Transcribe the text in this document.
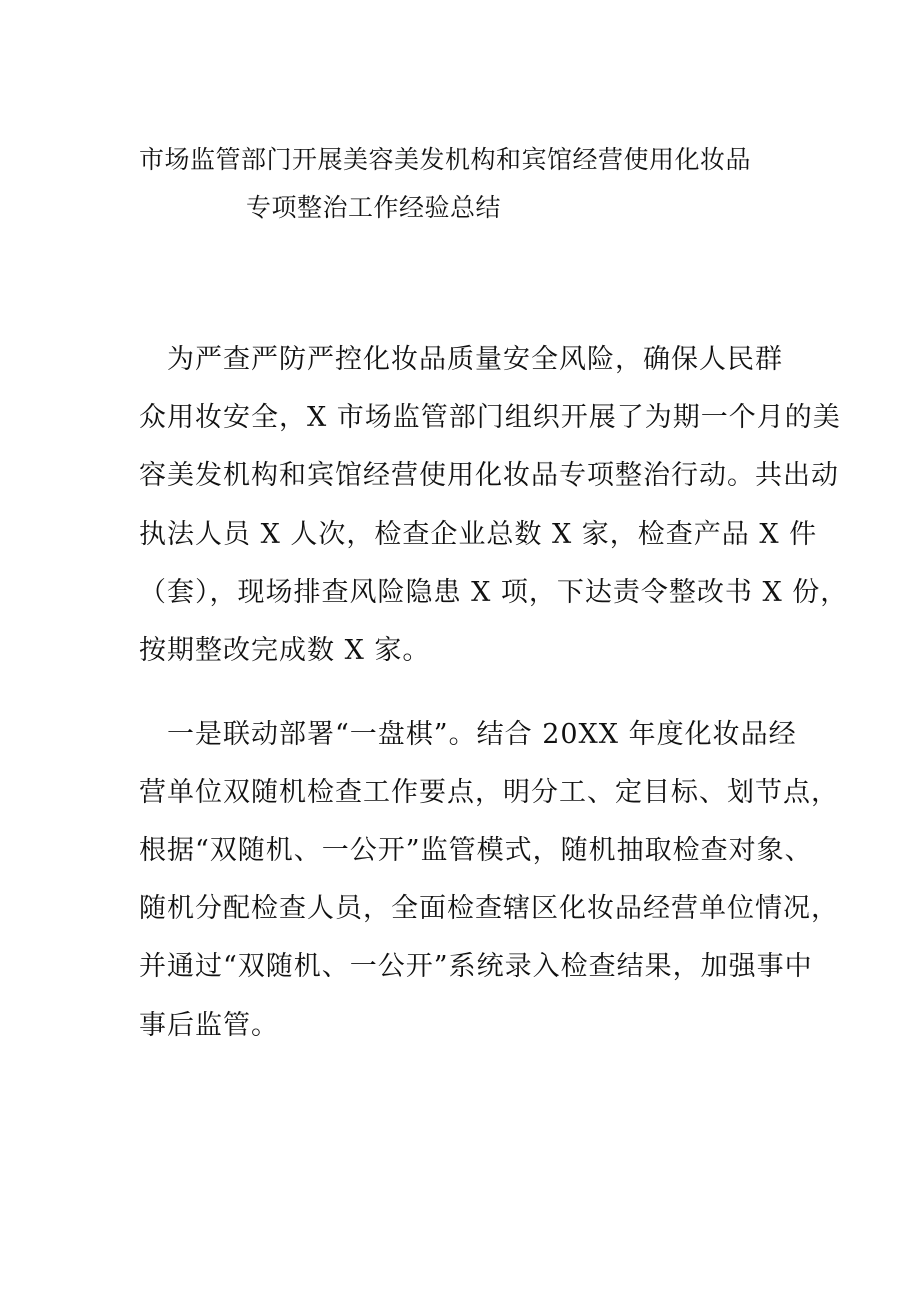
市场监管部门开展美容美发机构和宾馆经营使用化妆品
专项整治工作经验总结

　为严查严防严控化妆品质量安全风险，确保人民群

众用妆安全，X 市场监管部门组织开展了为期一个月的美

容美发机构和宾馆经营使用化妆品专项整治行动。共出动

执法人员 X 人次，检查企业总数 X 家，检查产品 X 件

（套），现场排查风险隐患 X 项，下达责令整改书 X 份，

按期整改完成数 X 家。

　一是联动部署“一盘棋”。结合 20XX 年度化妆品经

营单位双随机检查工作要点，明分工、定目标、划节点，

根据“双随机、一公开”监管模式，随机抽取检查对象、

随机分配检查人员，全面检查辖区化妆品经营单位情况，

并通过“双随机、一公开”系统录入检查结果，加强事中

事后监管。
